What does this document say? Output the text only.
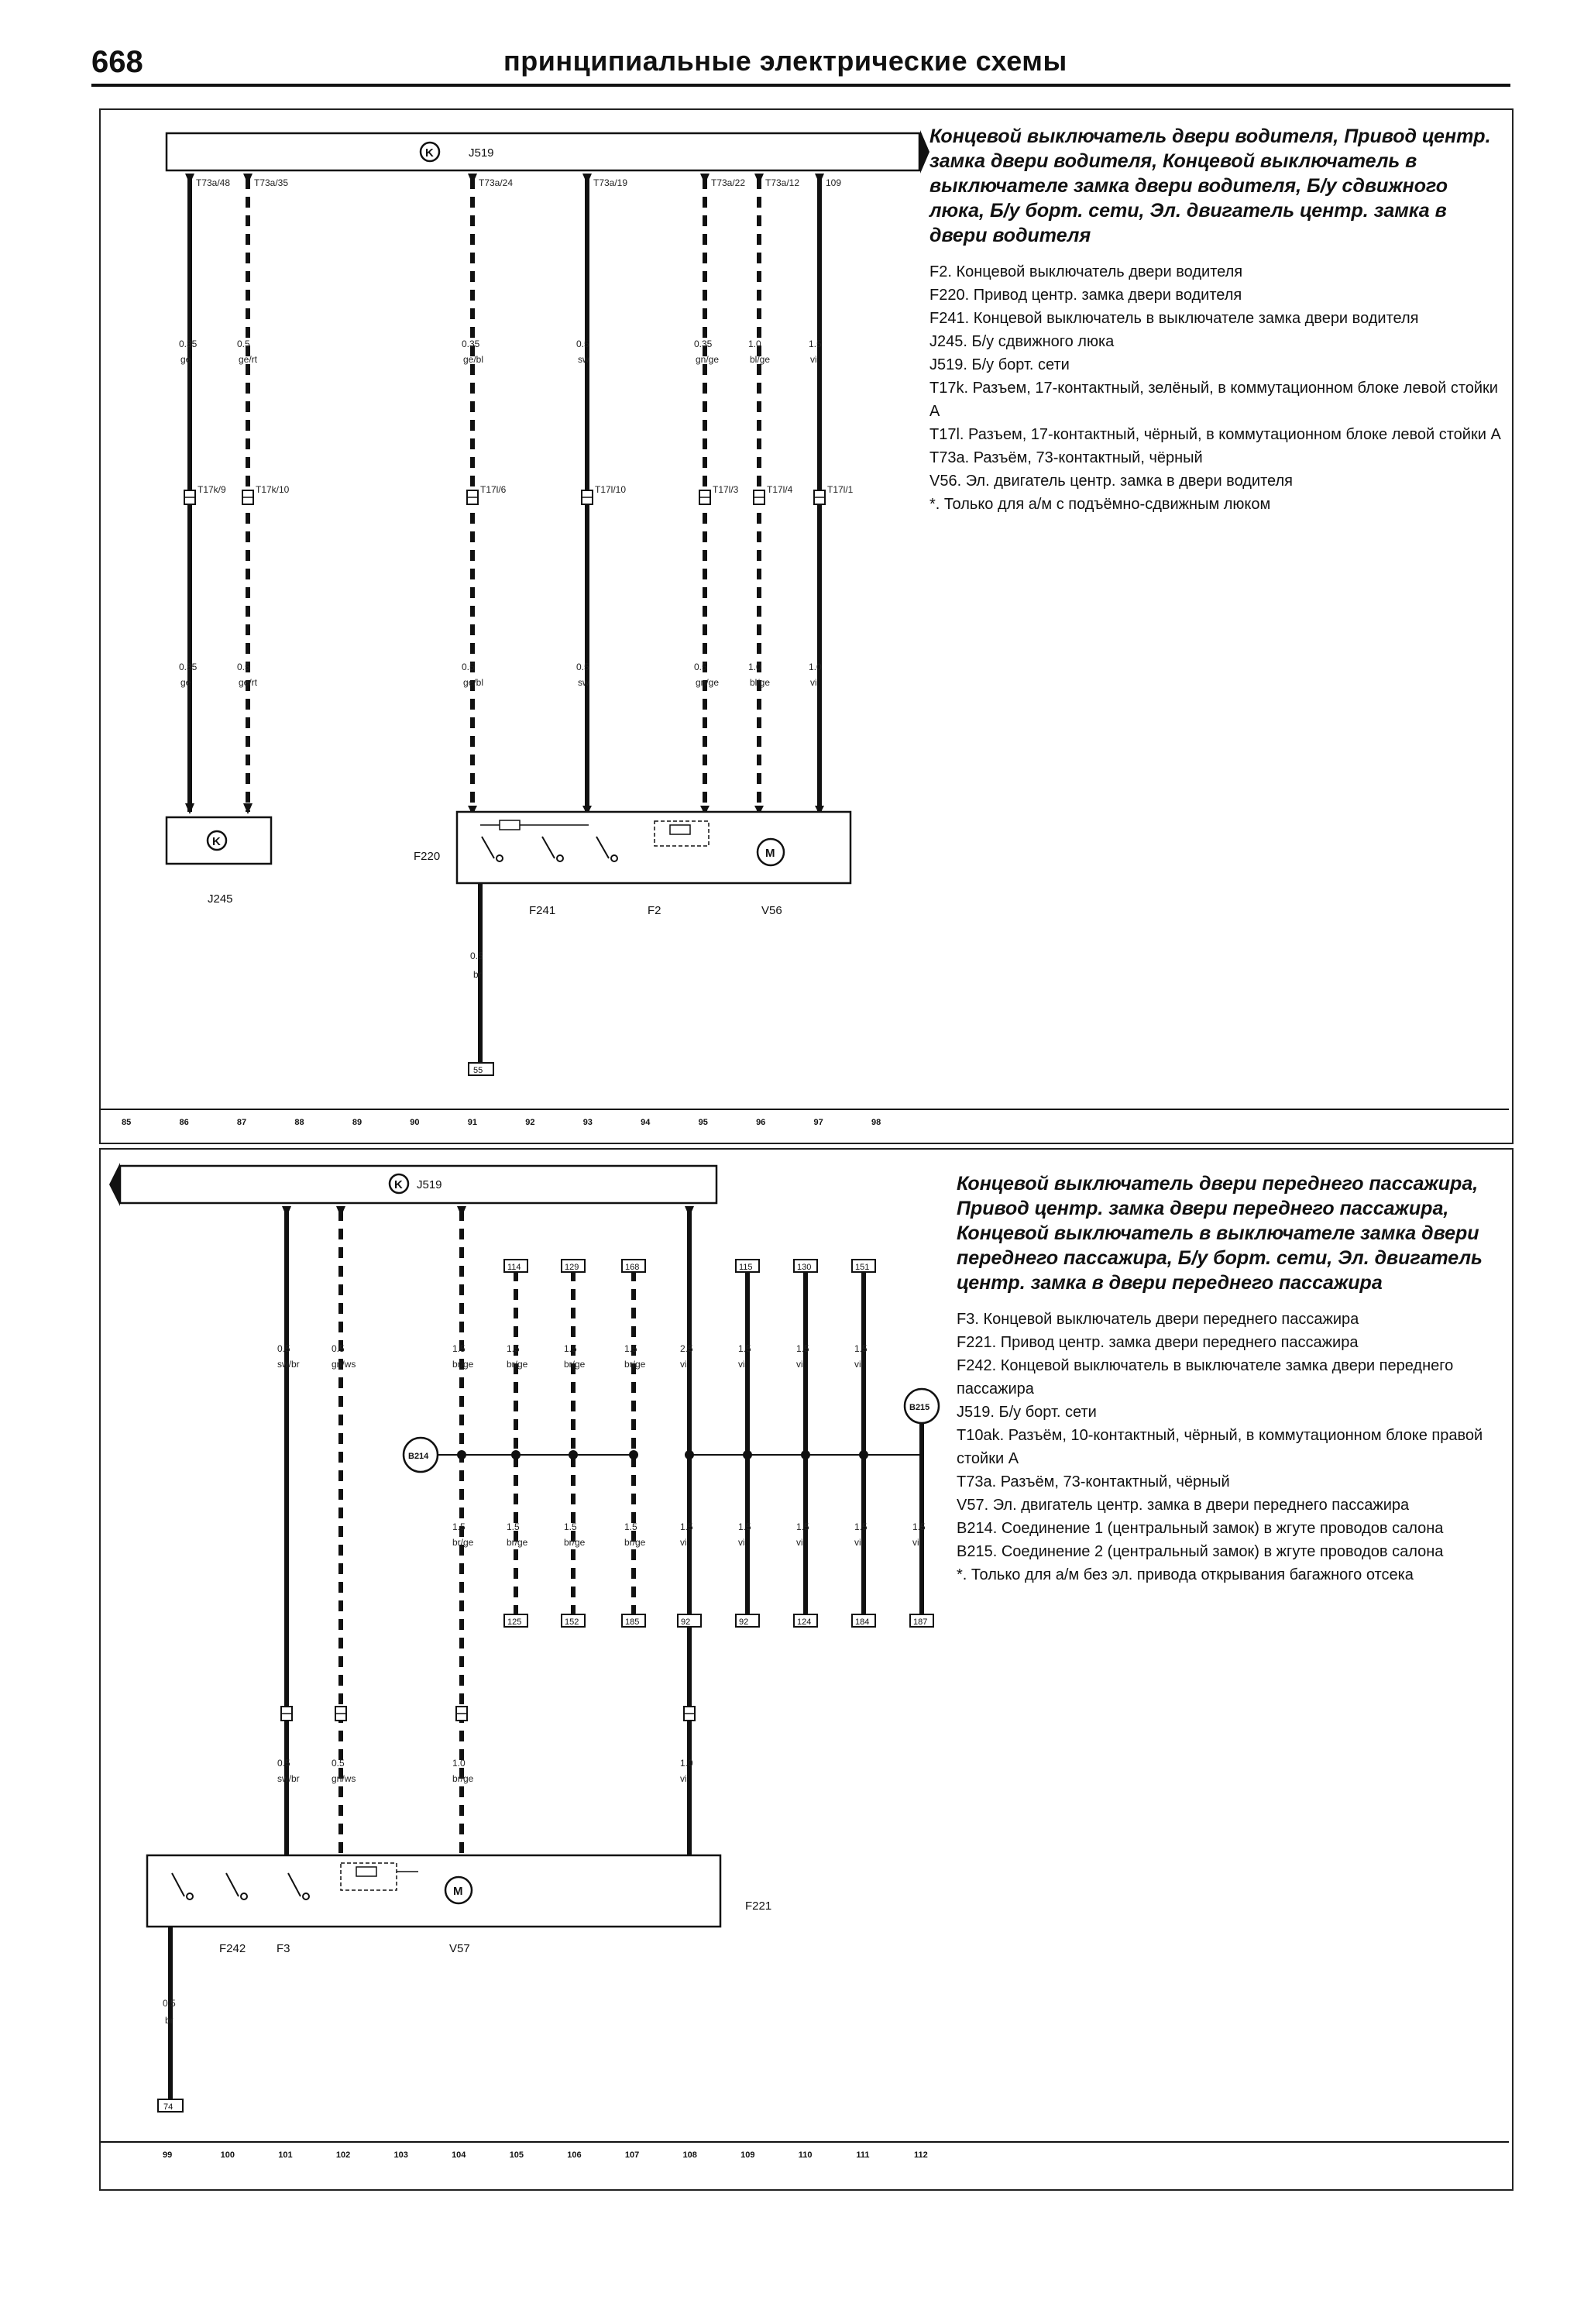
668	принципиальные электрические схемы
K	J519
K
J245
T73a/48
0.35
ge
T17k/9
0.35
ge
T73a/35
0.5
ge/rt
T17k/10
0.5
ge/rt
T73a/24
0.35
ge/bl
T17l/6
0.5
ge/bl
T73a/19
0.5
sw
T17l/10
0.5
sw
T73a/22
0.35
gn/ge
T17l/3
0.5
gn/ge
T73a/12
1.0
bl/ge
T17l/4
1.0
bl/ge
109
1.5
vi
T17l/1
1.0
vi
M
F220
F241	F2	V56
0.5
br
55
85	86	87	88	89	90	91	92	93	94	95	96	97	98
K J519
0.5
sw/br
0.5
gn/ws
1.5
br/ge
2.5
vi
0.5
sw/br
0.5
gn/ws
1.0
br/ge
1.0
vi
114
125
1.5
br/ge
1.5
br/ge
129
152
1.5
br/ge
1.5
br/ge
168
185
1.5
br/ge
1.5
br/ge
1.5
br/ge
115
92
1.5
vi
1.5
vi
130
124
1.5
vi
1.5
vi
151
184
1.5
vi
1.5
vi
1.5
vi
1.5
vi
187
92
B214
B215
M
F242	F3	V57
F221
0.5
br
74
99	100	101	102	103	104	105	106	107	108	109	110	111	112
Концевой выключатель двери водителя, Привод центр. замка двери водителя, Концевой выключатель в выключателе замка двери водителя, Б/у сдвижного люка, Б/у борт. сети, Эл. двигатель центр. замка в двери водителя
F2. Концевой выключатель двери водителя
F220. Привод центр. замка двери водителя
F241. Концевой выключатель в выключателе замка двери водителя
J245. Б/у сдвижного люка
J519. Б/у борт. сети
T17k. Разъем, 17-контактный, зелёный, в коммутационном блоке левой стойки A
T17l. Разъем, 17-контактный, чёрный, в коммутационном блоке левой стойки A
T73a. Разъём, 73-контактный, чёрный
V56. Эл. двигатель центр. замка в двери водителя
*. Только для а/м с подъёмно-сдвижным люком
Концевой выключатель двери переднего пассажира, Привод центр. замка двери переднего пассажира, Концевой выключатель в выключателе замка двери переднего пассажира, Б/у борт. сети, Эл. двигатель центр. замка в двери переднего пассажира
F3. Концевой выключатель двери переднего пассажира
F221. Привод центр. замка двери переднего пассажира
F242. Концевой выключатель в выключателе замка двери переднего пассажира
J519. Б/у борт. сети
T10ak. Разъём, 10-контактный, чёрный, в коммутационном блоке правой стойки A
T73a. Разъём, 73-контактный, чёрный
V57. Эл. двигатель центр. замка в двери переднего пассажира
B214. Соединение 1 (центральный замок) в жгуте проводов салона
B215. Соединение 2 (центральный замок) в жгуте проводов салона
*. Только для а/м без эл. привода открывания багажного отсека
